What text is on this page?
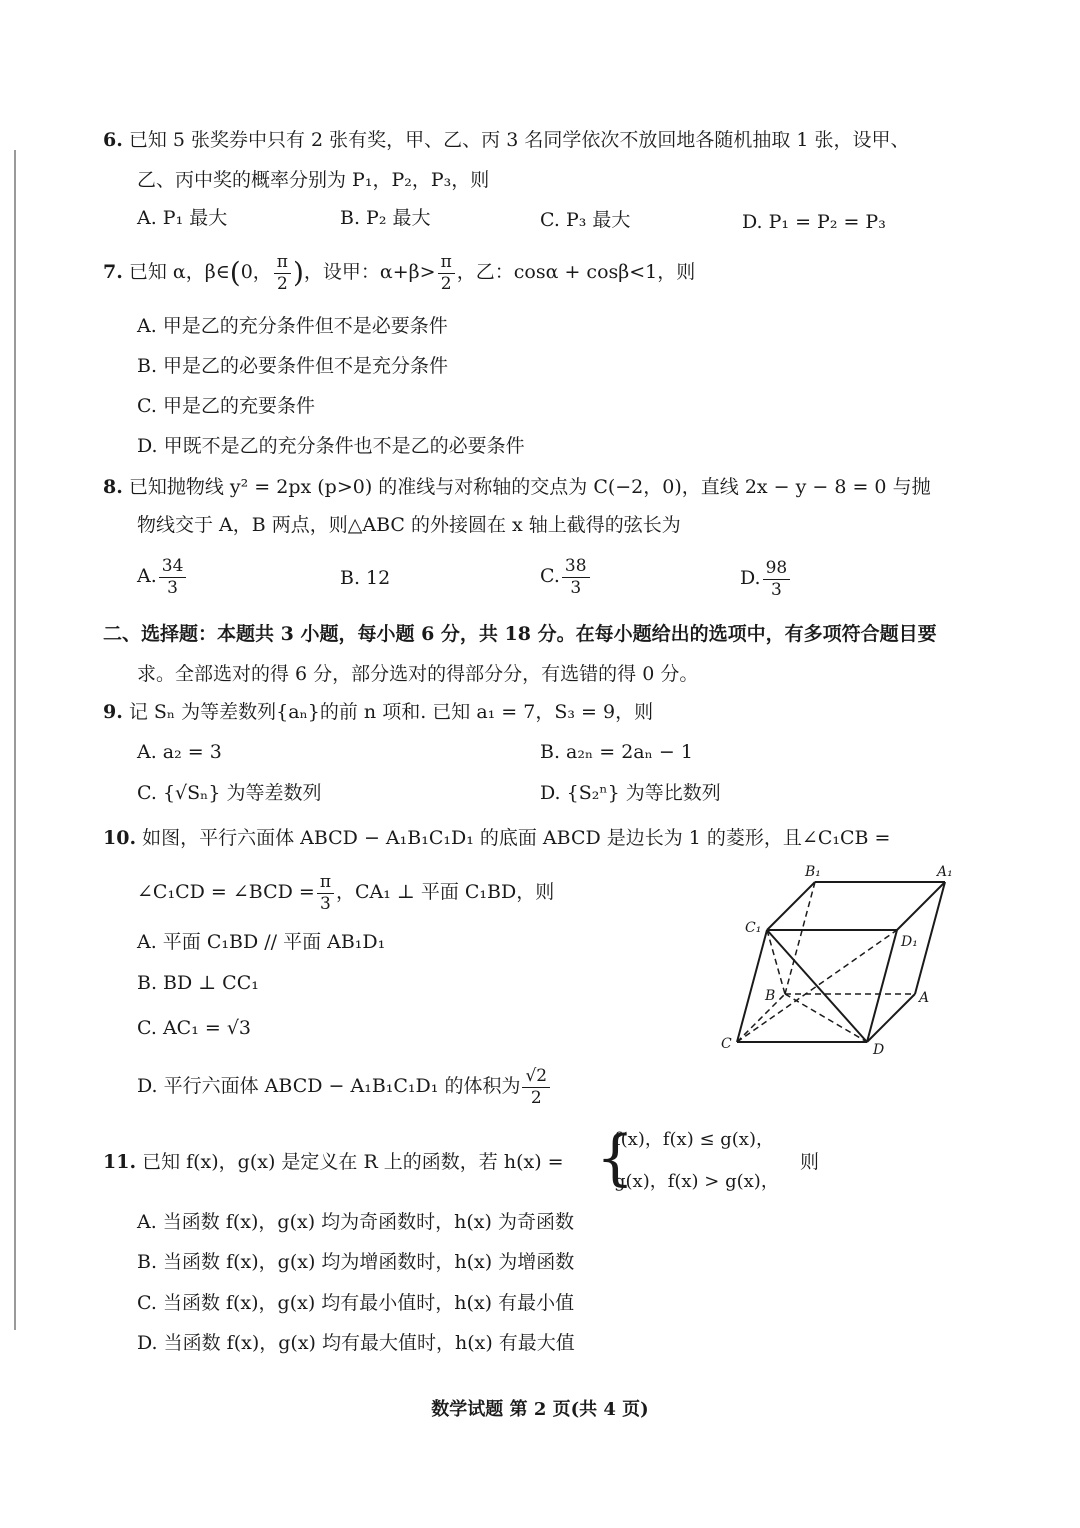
6. 已知 5 张奖券中只有 2 张有奖，甲、乙、丙 3 名同学依次不放回地各随机抽取 1 张，设甲、
乙、丙中奖的概率分别为 P₁，P₂，P₃，则
A. P₁ 最大	B. P₂ 最大	C. P₃ 最大	D. P₁ = P₂ = P₃
7. 已知 α，β∈(0， $\frac{\pi}{2}$ )，设甲：$\alpha+\beta> \frac{\pi}{2}$ ，乙：cosα + cosβ<1，则
A. 甲是乙的充分条件但不是必要条件
B. 甲是乙的必要条件但不是充分条件
C. 甲是乙的充要条件
D. 甲既不是乙的充分条件也不是乙的必要条件
8. 已知抛物线 y² = 2px (p>0) 的准线与对称轴的交点为 C(−2，0)，直线 2x − y − 8 = 0 与抛
物线交于 A，B 两点，则△ABC 的外接圆在 x 轴上截得的弦长为
A. $\frac{34}{3}$	B. 12	C. $\frac{38}{3}$	D. $\frac{98}{3}$
二、选择题：本题共 3 小题，每小题 6 分，共 18 分。在每小题给出的选项中，有多项符合题目要
求。全部选对的得 6 分，部分选对的得部分分，有选错的得 0 分。
9. 记 Sₙ 为等差数列{aₙ}的前 n 项和. 已知 a₁ = 7，S₃ = 9，则
A. a₂ = 3	B. a₂ₙ = 2aₙ − 1
C. {√Sₙ} 为等差数列	D. {S₂ⁿ} 为等比数列
10. 如图，平行六面体 ABCD − A₁B₁C₁D₁ 的底面 ABCD 是边长为 1 的菱形，且∠C₁CB =
∠C₁CD = ∠BCD = $\frac{\pi}{3}$ ，CA₁ ⊥ 平面 C₁BD，则
A. 平面 C₁BD // 平面 AB₁D₁
B. BD ⊥ CC₁
C. AC₁ = √3
D. 平行六面体 ABCD − A₁B₁C₁D₁ 的体积为 $\frac{√2}{2}$
B₁	A₁
C₁
D₁
B	A
C	D
11. 已知 f(x)，g(x) 是定义在 R 上的函数，若 h(x) = {
f(x)，f(x) ≤ g(x)，
g(x)，f(x) > g(x)，
则
A. 当函数 f(x)，g(x) 均为奇函数时，h(x) 为奇函数
B. 当函数 f(x)，g(x) 均为增函数时，h(x) 为增函数
C. 当函数 f(x)，g(x) 均有最小值时，h(x) 有最小值
D. 当函数 f(x)，g(x) 均有最大值时，h(x) 有最大值
数学试题 第 2 页(共 4 页)
